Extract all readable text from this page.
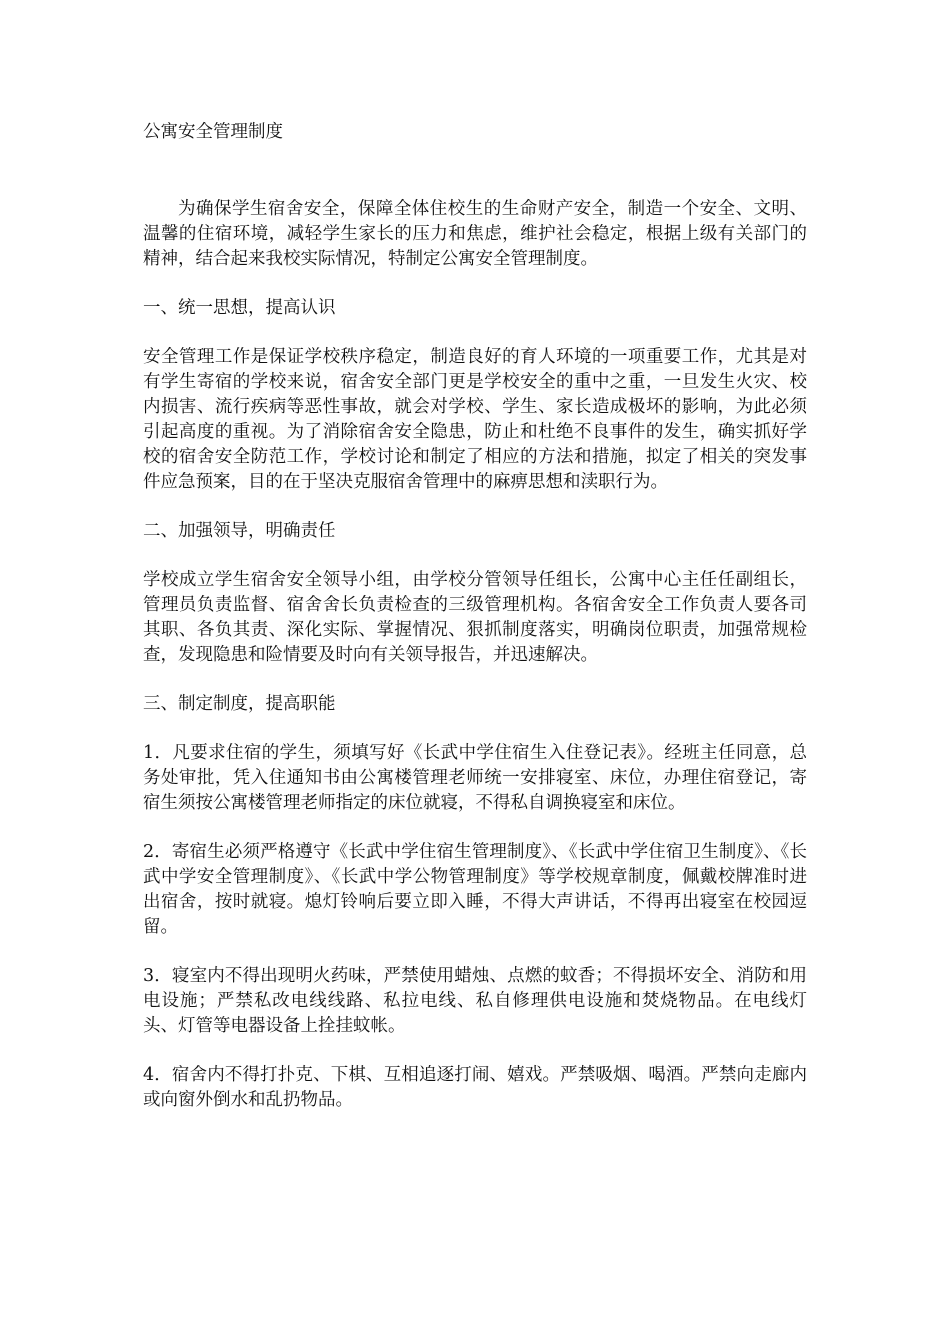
公寓安全管理制度

为确保学生宿舍安全，保障全体住校生的生命财产安全，制造一个安全、文明、温馨的住宿环境，减轻学生家长的压力和焦虑，维护社会稳定，根据上级有关部门的精神，结合起来我校实际情况，特制定公寓安全管理制度。

一、统一思想，提高认识

安全管理工作是保证学校秩序稳定，制造良好的育人环境的一项重要工作，尤其是对有学生寄宿的学校来说，宿舍安全部门更是学校安全的重中之重，一旦发生火灾、校内损害、流行疾病等恶性事故，就会对学校、学生、家长造成极坏的影响，为此必须引起高度的重视。为了消除宿舍安全隐患，防止和杜绝不良事件的发生，确实抓好学校的宿舍安全防范工作，学校讨论和制定了相应的方法和措施，拟定了相关的突发事件应急预案，目的在于坚决克服宿舍管理中的麻痹思想和渎职行为。

二、加强领导，明确责任

学校成立学生宿舍安全领导小组，由学校分管领导任组长，公寓中心主任任副组长，管理员负责监督、宿舍舍长负责检查的三级管理机构。各宿舍安全工作负责人要各司其职、各负其责、深化实际、掌握情况、狠抓制度落实，明确岗位职责，加强常规检查，发现隐患和险情要及时向有关领导报告，并迅速解决。

三、制定制度，提高职能

1．凡要求住宿的学生，须填写好《长武中学住宿生入住登记表》。经班主任同意，总务处审批，凭入住通知书由公寓楼管理老师统一安排寝室、床位，办理住宿登记，寄宿生须按公寓楼管理老师指定的床位就寝，不得私自调换寝室和床位。

2．寄宿生必须严格遵守《长武中学住宿生管理制度》、《长武中学住宿卫生制度》、《长武中学安全管理制度》、《长武中学公物管理制度》等学校规章制度，佩戴校牌准时进出宿舍，按时就寝。熄灯铃响后要立即入睡，不得大声讲话，不得再出寝室在校园逗留。

3．寝室内不得出现明火药味，严禁使用蜡烛、点燃的蚊香；不得损坏安全、消防和用电设施；严禁私改电线线路、私拉电线、私自修理供电设施和焚烧物品。在电线灯头、灯管等电器设备上拴挂蚊帐。

4．宿舍内不得打扑克、下棋、互相追逐打闹、嬉戏。严禁吸烟、喝酒。严禁向走廊内或向窗外倒水和乱扔物品。
